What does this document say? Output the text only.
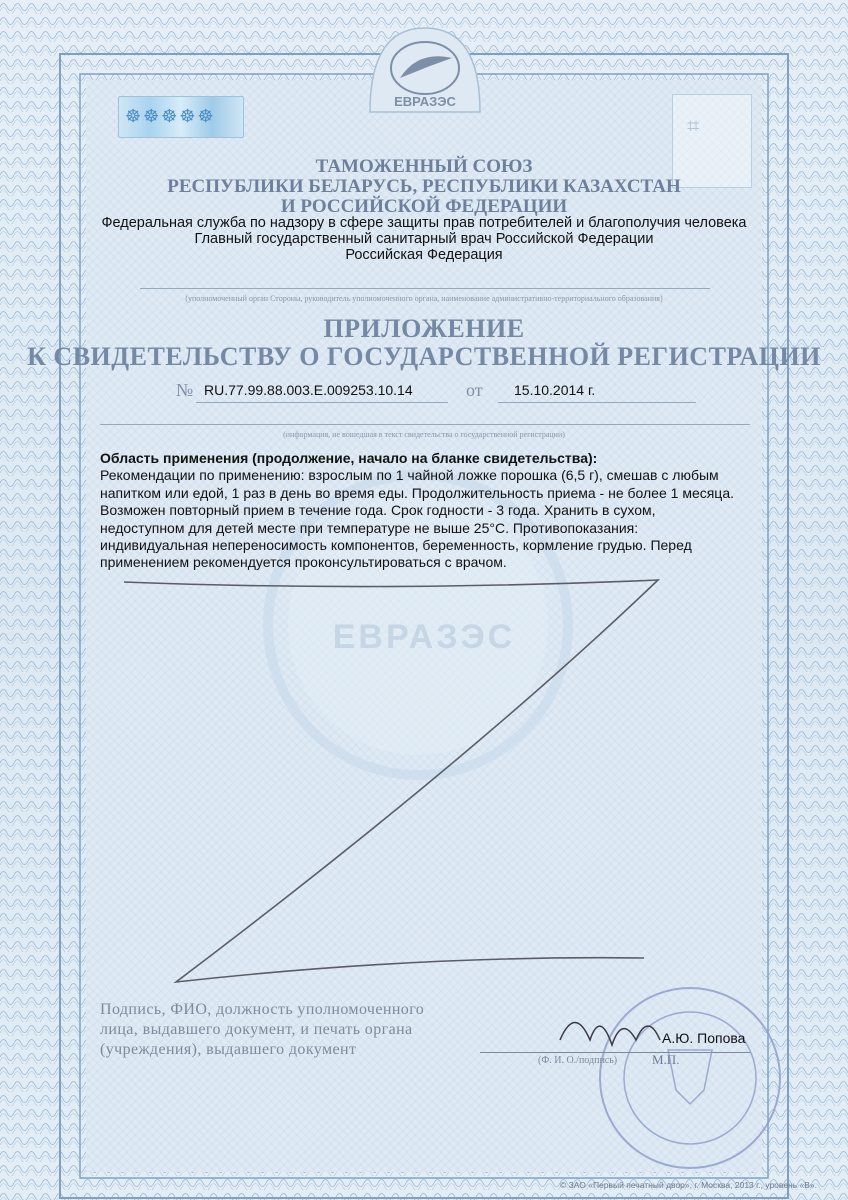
ЕВРАЗЭС
ЕВРАЗЭС
☸☸☸☸☸	⌗
ТАМОЖЕННЫЙ СОЮЗ
РЕСПУБЛИКИ БЕЛАРУСЬ, РЕСПУБЛИКИ КАЗАХСТАН
И РОССИЙСКОЙ ФЕДЕРАЦИИ
Федеральная служба по надзору в сфере защиты прав потребителей и благополучия человека
Главный государственный санитарный врач Российской Федерации
Российская Федерация
(уполномоченный орган Стороны, руководитель уполномоченного органа, наименование административно-территориального образования)
ПРИЛОЖЕНИЕ
К СВИДЕТЕЛЬСТВУ О ГОСУДАРСТВЕННОЙ РЕГИСТРАЦИИ
№ RU.77.99.88.003.E.009253.10.14	от 15.10.2014 г.
(информация, не вошедшая в текст свидетельства о государственной регистрации)
Область применения (продолжение, начало на бланке свидетельства):
Рекомендации по применению: взрослым по 1 чайной ложке порошка (6,5 г), смешав с любым
напитком или едой, 1 раз в день во время еды. Продолжительность приема - не более 1 месяца.
Возможен повторный прием в течение года. Срок годности - 3 года. Хранить в сухом,
недоступном для детей месте при температуре не выше 25°С. Противопоказания:
индивидуальная непереносимость компонентов, беременность, кормление грудью. Перед
применением рекомендуется проконсультироваться с врачом.
Подпись, ФИО, должность уполномоченного
лица, выдавшего документ, и печать органа
(учреждения), выдавшего документ
А.Ю. Попова
(Ф. И. О./подпись)	М.П.
© ЗАО «Первый печатный двор», г. Москва, 2013 г., уровень «В».
